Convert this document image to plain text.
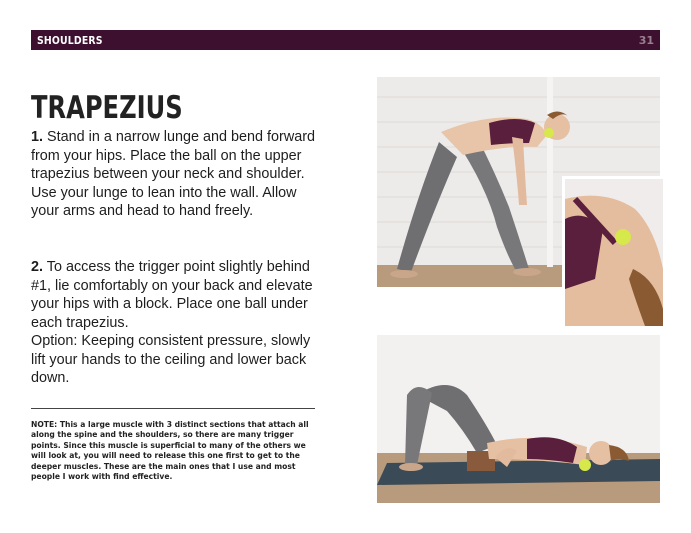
SHOULDERS	31
TRAPEZIUS

1. Stand in a narrow lunge and bend forward from your hips. Place the ball on the upper trapezius between your neck and shoulder. Use your lunge to lean into the wall. Allow your arms and head to hand freely.

2. To access the trigger point slightly behind #1, lie comfortably on your back and elevate your hips with a block. Place one ball under each trapezius.
Option: Keeping consistent pressure, slowly lift your hands to the ceiling and lower back down.

NOTE: This a large muscle with 3 distinct sections that attach all along the spine and the shoulders, so there are many trigger points. Since this muscle is superficial to many of the others we will look at, you will need to release this one first to get to the deeper muscles. These are the main ones that I use and most people I work with find effective.
